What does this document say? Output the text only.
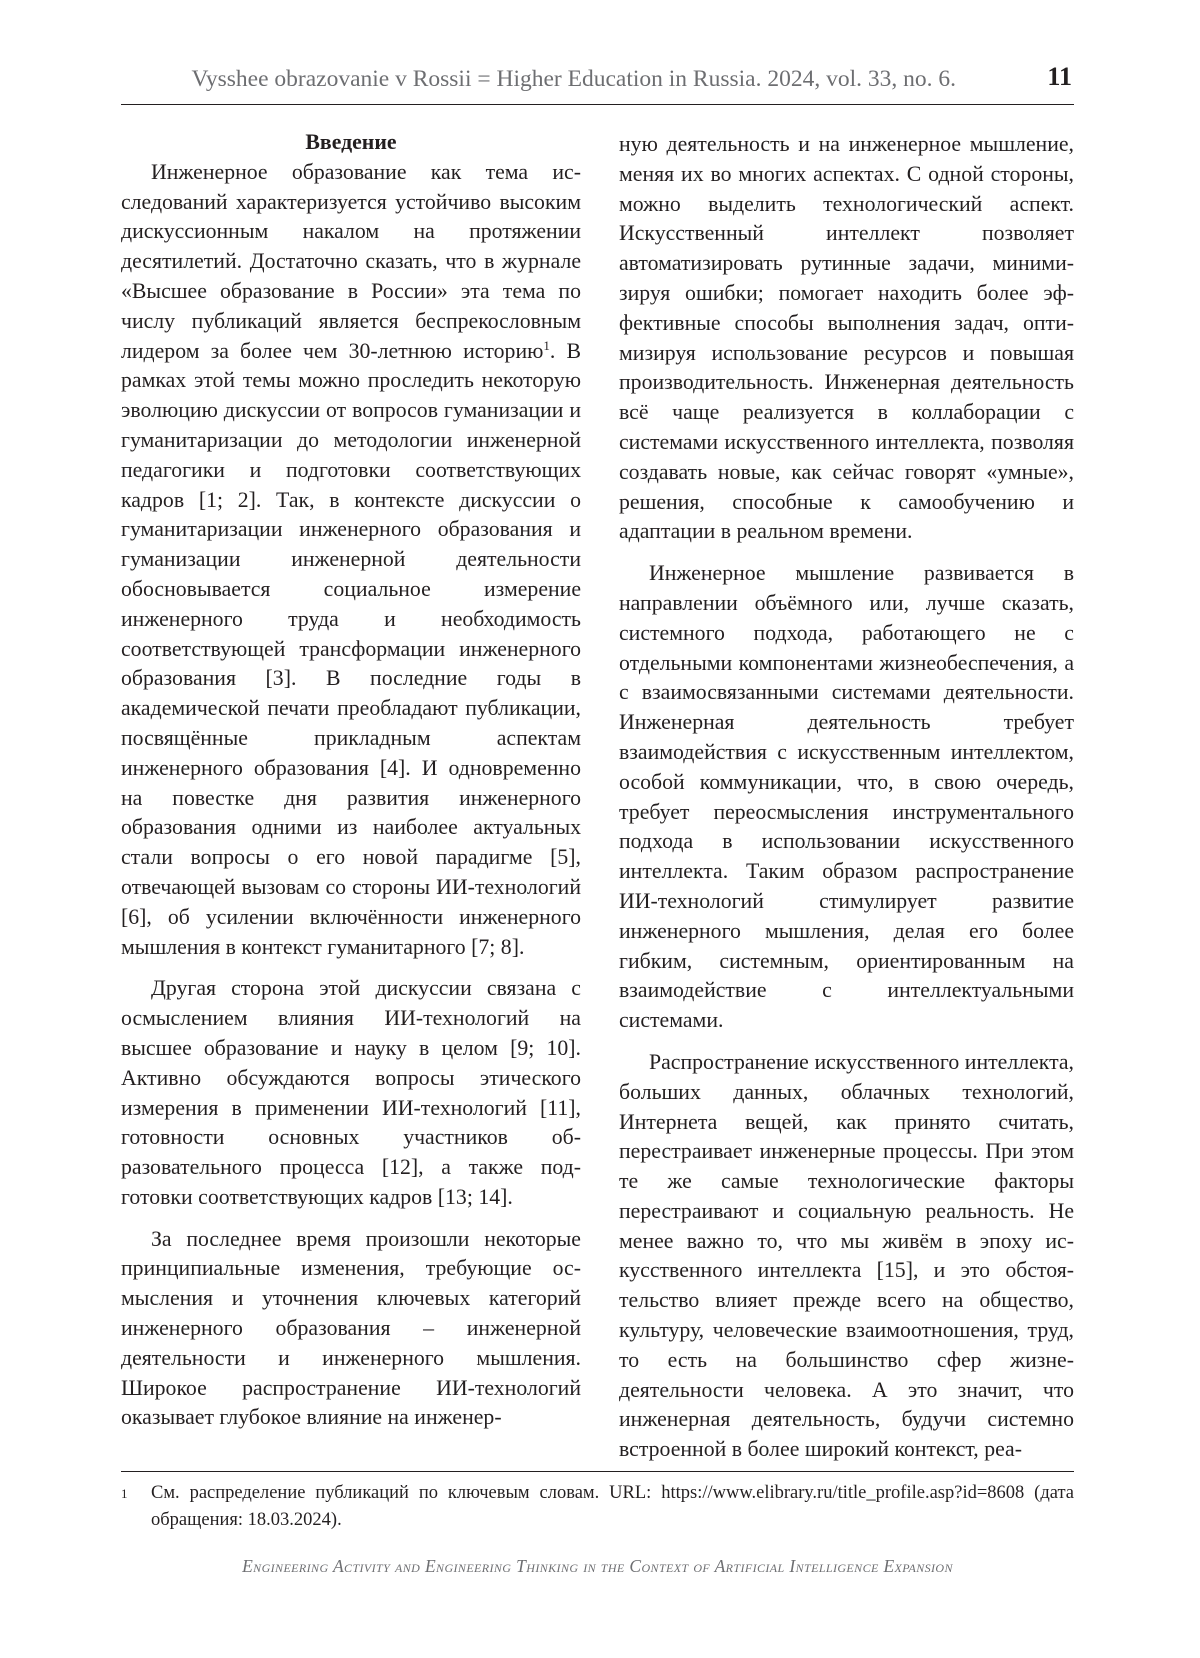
Vysshee obrazovanie v Rossii = Higher Education in Russia. 2024, vol. 33, no. 6.	11
Введение

Инженерное образование как тема исследований характеризуется устойчиво высоким дискуссионным накалом на протяжении десятилетий. Достаточно сказать, что в журнале «Высшее образование в России» эта тема по числу публикаций является беспрекословным лидером за более чем 30-летнюю историю$^1$. В рамках этой темы можно проследить некоторую эволюцию дискуссии от вопросов гуманизации и гуманитаризации до методологии инженерной педагогики и подготовки соответствующих кадров [1; 2]. Так, в контексте дискуссии о гуманитаризации инженерного образования и гуманизации инженерной деятельности обосновывается социальное измерение инженерного труда и необходимость соответствующей трансформации инженерного образования [3]. В последние годы в академической печати преобладают публикации, посвящённые прикладным аспектам инженерного образования [4]. И одновременно на повестке дня развития инженерного образования одними из наиболее актуальных стали вопросы о его новой парадигме [5], отвечающей вызовам со стороны ИИ-технологий [6], об усилении включённости инженерного мышления в контекст гуманитарного [7; 8].

Другая сторона этой дискуссии связана с осмыслением влияния ИИ-технологий на высшее образование и науку в целом [9; 10]. Активно обсуждаются вопросы этического измерения в применении ИИ-технологий [11], готовности основных участников образовательного процесса [12], а также подготовки соответствующих кадров [13; 14].

За последнее время произошли некоторые принципиальные изменения, требующие осмысления и уточнения ключевых категорий инженерного образования – инженерной деятельности и инженерного мышления. Широкое распространение ИИ-технологий оказывает глубокое влияние на инженер-

ную деятельность и на инженерное мышление, меняя их во многих аспектах. С одной стороны, можно выделить технологический аспект. Искусственный интеллект позволяет автоматизировать рутинные задачи, минимизируя ошибки; помогает находить более эффективные способы выполнения задач, оптимизируя использование ресурсов и повышая производительность. Инженерная деятельность всё чаще реализуется в коллаборации с системами искусственного интеллекта, позволяя создавать новые, как сейчас говорят «умные», решения, способные к самообучению и адаптации в реальном времени.

Инженерное мышление развивается в направлении объёмного или, лучше сказать, системного подхода, работающего не с отдельными компонентами жизнеобеспечения, а с взаимосвязанными системами деятельности. Инженерная деятельность требует взаимодействия с искусственным интеллектом, особой коммуникации, что, в свою очередь, требует переосмысления инструментального подхода в использовании искусственного интеллекта. Таким образом распространение ИИ-технологий стимулирует развитие инженерного мышления, делая его более гибким, системным, ориентированным на взаимодействие с интеллектуальными системами.

Распространение искусственного интеллекта, больших данных, облачных технологий, Интернета вещей, как принято считать, перестраивает инженерные процессы. При этом те же самые технологические факторы перестраивают и социальную реальность. Не менее важно то, что мы живём в эпоху искусственного интеллекта [15], и это обстоятельство влияет прежде всего на общество, культуру, человеческие взаимоотношения, труд, то есть на большинство сфер жизнедеятельности человека. А это значит, что инженерная деятельность, будучи системно встроенной в более широкий контекст, реа-

1	См. распределение публикаций по ключевым словам. URL: https://www.elibrary.ru/title_profile.asp?id=8608 (дата обращения: 18.03.2024).
Engineering Activity and Engineering Thinking in the Context of Artificial Intelligence Expansion
